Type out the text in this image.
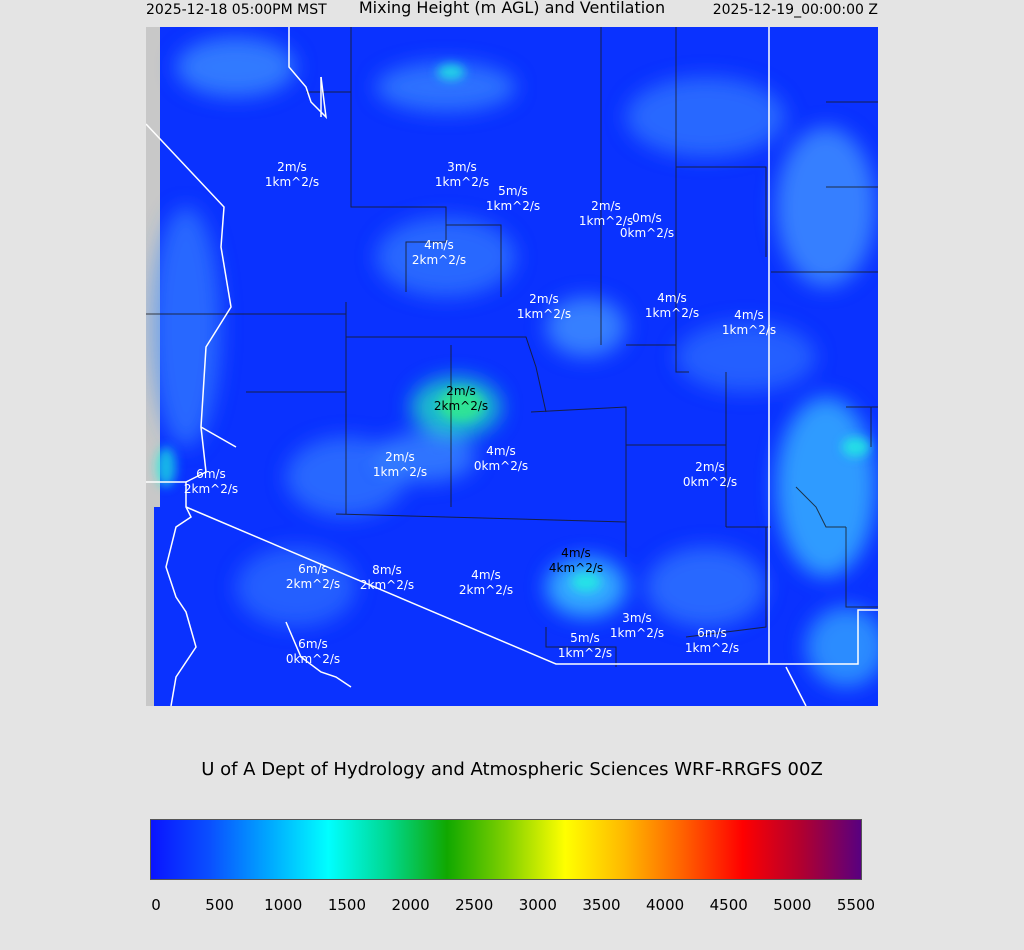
2025-12-18 05:00PM MST	Mixing Height (m AGL) and Ventilation	2025-12-19_00:00:00 Z
2m/s
1km^2/s
3m/s
1km^2/s
5m/s
1km^2/s	2m/s
1km^2/s 0m/s
0km^2/s
4m/s
2km^2/s
2m/s
1km^2/s
4m/s
1km^2/s	4m/s
1km^2/s
6m/s
2km^2/s
2m/s
2km^2/s
2m/s
1km^2/s
4m/s
0km^2/s	2m/s
0km^2/s
6m/s
2km^2/s
8m/s
2km^2/s
4m/s
2km^2/s
4m/s
4km^2/s
3m/s
1km^2/s
5m/s
1km^2/s
6m/s
1km^2/s
6m/s
0km^2/s
U of A Dept of Hydrology and Atmospheric Sciences WRF-RRGFS 00Z
0	500 1000 1500 2000 2500 3000 3500 4000 4500 5000 5500
